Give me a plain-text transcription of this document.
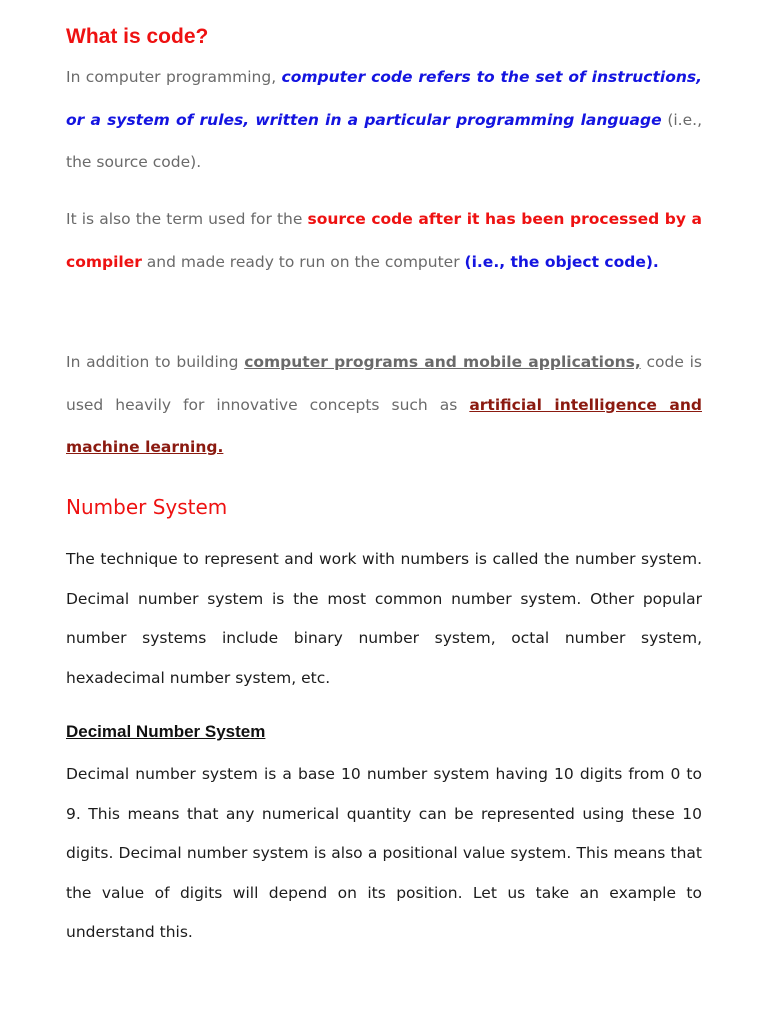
What is code?

In computer programming, computer code refers to the set of instructions, or a system of rules, written in a particular programming language (i.e., the source code).

It is also the term used for the source code after it has been processed by a compiler and made ready to run on the computer (i.e., the object code).

In addition to building computer programs and mobile applications, code is used heavily for innovative concepts such as artificial intelligence and machine learning.

Number System

The technique to represent and work with numbers is called the number system. Decimal number system is the most common number system. Other popular number systems include binary number system, octal number system, hexadecimal number system, etc.

Decimal Number System

Decimal number system is a base 10 number system having 10 digits from 0 to 9. This means that any numerical quantity can be represented using these 10 digits. Decimal number system is also a positional value system. This means that the value of digits will depend on its position. Let us take an example to understand this.
